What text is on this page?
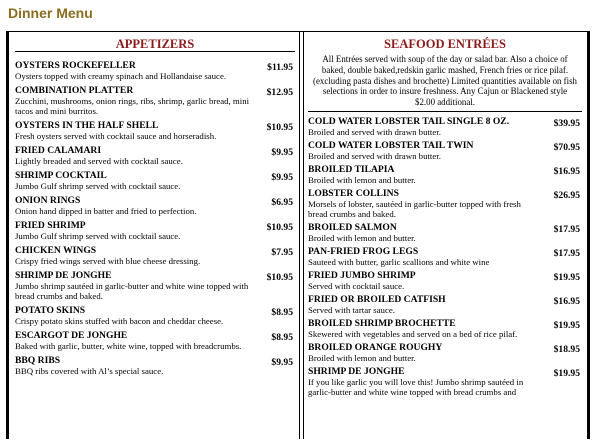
Dinner Menu
APPETIZERS
OYSTERS ROCKEFELLER	$11.95
Oysters topped with creamy spinach and Hollandaise sauce.
COMBINATION PLATTER	$12.95
Zucchini, mushrooms, onion rings, ribs, shrimp, garlic bread, mini tacos and mini burritos.
OYSTERS IN THE HALF SHELL	$10.95
Fresh oysters served with cocktail sauce and horseradish.
FRIED CALAMARI	$9.95
Lightly breaded and served with cocktail sauce.
SHRIMP COCKTAIL	$9.95
Jumbo Gulf shrimp served with cocktail sauce.
ONION RINGS	$6.95
Onion hand dipped in batter and fried to perfection.
FRIED SHRIMP	$10.95
Jumbo Gulf shrimp served with cocktail sauce.
CHICKEN WINGS	$7.95
Crispy fried wings served with blue cheese dressing.
SHRIMP DE JONGHE	$10.95
Jumbo shrimp sautéed in garlic-butter and white wine topped with bread crumbs and baked.
POTATO SKINS	$8.95
Crispy potato skins stuffed with bacon and cheddar cheese.
ESCARGOT DE JONGHE	$8.95
Baked with garlic, butter, white wine, topped with breadcrumbs.
BBQ RIBS	$9.95
BBQ ribs covered with Al’s special sauce.
SEAFOOD ENTRÉES
All Entrées served with soup of the day or salad bar. Also a choice of baked, double baked,redskin garlic mashed, French fries or rice pilaf. (excluding pasta dishes and brochette) Limited quantities available on fish selections in order to insure freshness. Any Cajun or Blackened style $2.00 additional.
COLD WATER LOBSTER TAIL SINGLE 8 OZ.	$39.95
Broiled and served with drawn butter.
COLD WATER LOBSTER TAIL TWIN	$70.95
Broiled and served with drawn butter.
BROILED TILAPIA	$16.95
Broiled with lemon and butter.
LOBSTER COLLINS	$26.95
Morsels of lobster, sautéed in garlic-butter topped with fresh bread crumbs and baked.
BROILED SALMON	$17.95
Broiled with lemon and butter.
PAN-FRIED FROG LEGS	$17.95
Sauteed with butter, garlic scallions and white wine
FRIED JUMBO SHRIMP	$19.95
Served with cocktail sauce.
FRIED OR BROILED CATFISH	$16.95
Served with tartar sauce.
BROILED SHRIMP BROCHETTE	$19.95
Skewered with vegetables and served on a bed of rice pilaf.
BROILED ORANGE ROUGHY	$18.95
Broiled with lemon and butter.
SHRIMP DE JONGHE	$19.95
If you like garlic you will love this! Jumbo shrimp sautéed in garlic-butter and white wine topped with bread crumbs and
